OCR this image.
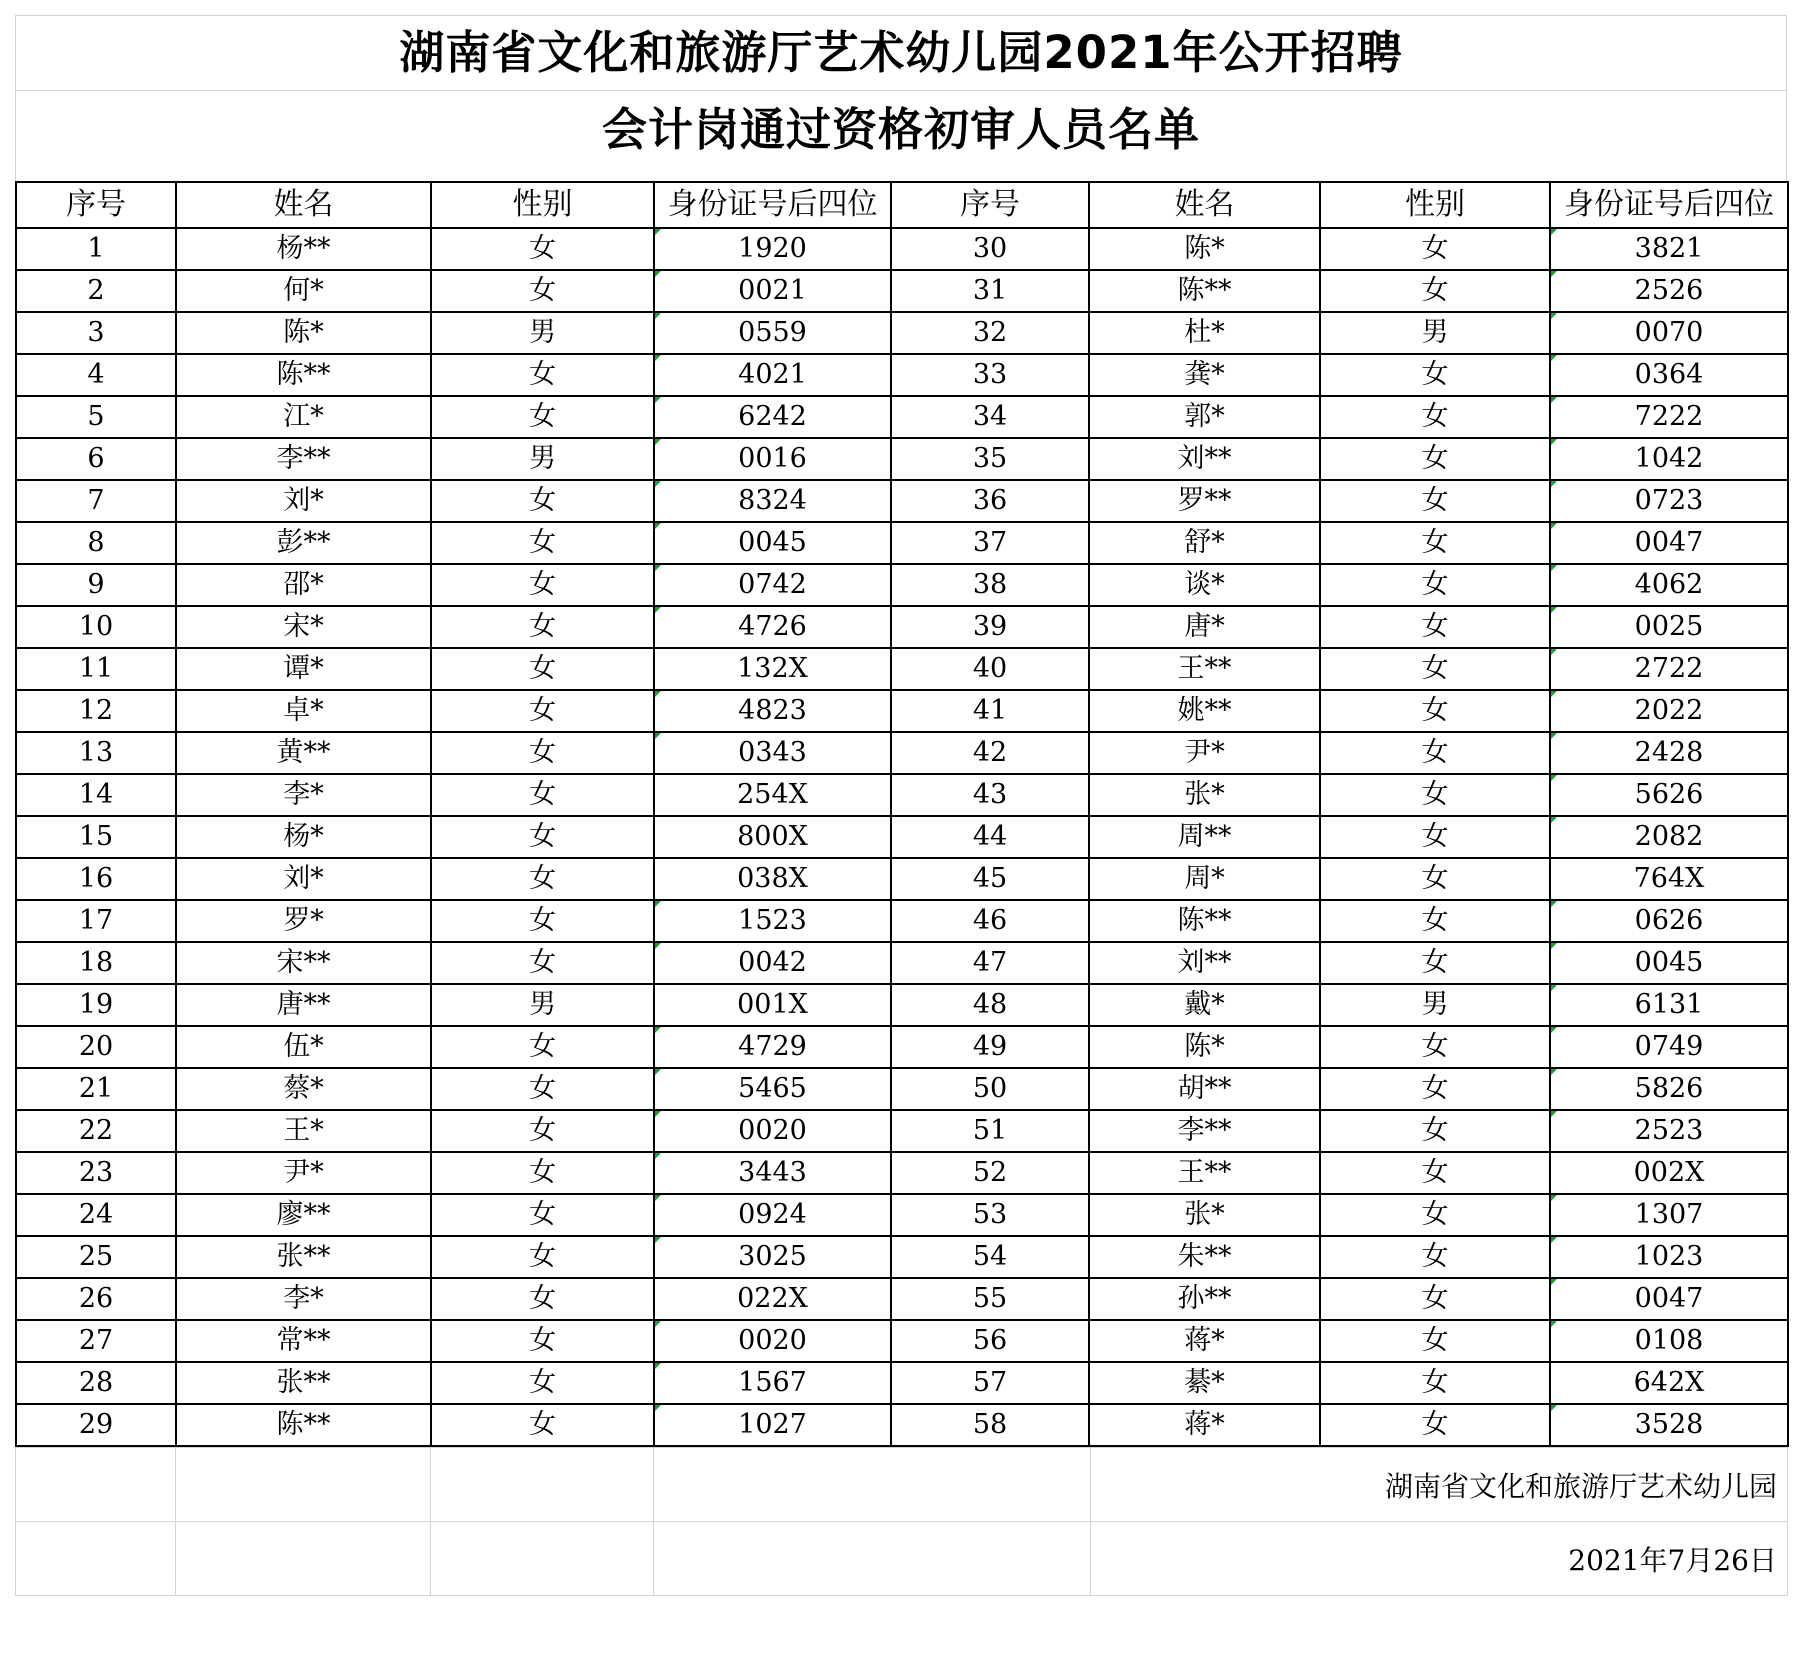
湖南省文化和旅游厅艺术幼儿园2021年公开招聘
会计岗通过资格初审人员名单
序号	姓名	性别	身份证号后四位	序号	姓名	性别	身份证号后四位
1	杨**	女	1920	30	陈*	女	3821
2	何*	女	0021	31	陈**	女	2526
3	陈*	男	0559	32	杜*	男	0070
4	陈**	女	4021	33	龚*	女	0364
5	江*	女	6242	34	郭*	女	7222
6	李**	男	0016	35	刘**	女	1042
7	刘*	女	8324	36	罗**	女	0723
8	彭**	女	0045	37	舒*	女	0047
9	邵*	女	0742	38	谈*	女	4062
10	宋*	女	4726	39	唐*	女	0025
11	谭*	女	132X	40	王**	女	2722
12	卓*	女	4823	41	姚**	女	2022
13	黄**	女	0343	42	尹*	女	2428
14	李*	女	254X	43	张*	女	5626
15	杨*	女	800X	44	周**	女	2082
16	刘*	女	038X	45	周*	女	764X
17	罗*	女	1523	46	陈**	女	0626
18	宋**	女	0042	47	刘**	女	0045
19	唐**	男	001X	48	戴*	男	6131
20	伍*	女	4729	49	陈*	女	0749
21	蔡*	女	5465	50	胡**	女	5826
22	王*	女	0020	51	李**	女	2523
23	尹*	女	3443	52	王**	女	002X
24	廖**	女	0924	53	张*	女	1307
25	张**	女	3025	54	朱**	女	1023
26	李*	女	022X	55	孙**	女	0047
27	常**	女	0020	56	蒋*	女	0108
28	张**	女	1567	57	綦*	女	642X
29	陈**	女	1027	58	蒋*	女	3528
				湖南省文化和旅游厅艺术幼儿园
				2021年7月26日
